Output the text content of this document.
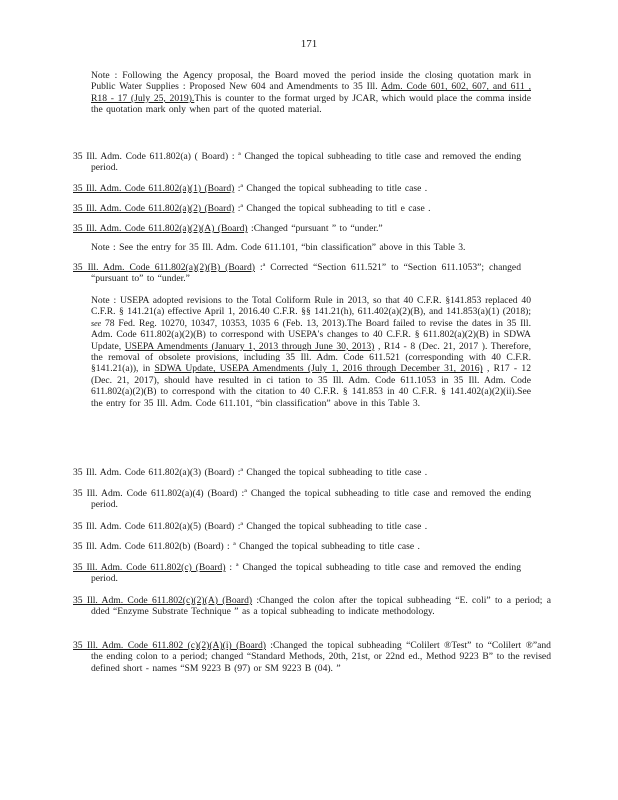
171
Note : Following the Agency proposal, the Board moved the period inside the closing quotation mark in Public Water Supplies : Proposed New 604 and Amendments to 35 Ill. Adm. Code 601, 602, 607, and 611 , R18 - 17 (July 25, 2019).This is counter to the format urged by JCAR, which would place the comma inside the quotation mark only when part of the quoted material.
35 Ill. Adm. Code 611.802(a) ( Board) : ª Changed the topical subheading to title case and removed the ending period.
35 Ill. Adm. Code 611.802(a)(1) (Board) :ª Changed the topical subheading to title case .
35 Ill. Adm. Code 611.802(a)(2) (Board) :ª Changed the topical subheading to titl e case .
35 Ill. Adm. Code 611.802(a)(2)(A) (Board) :Changed “pursuant ” to “under.”
Note : See the entry for 35 Ill. Adm. Code 611.101, “bin classification” above in this Table 3.
35 Ill. Adm. Code 611.802(a)(2)(B) (Board) :ª Corrected “Section 611.521” to “Section 611.1053”; changed “pursuant to” to “under.”
Note : USEPA adopted revisions to the Total Coliform Rule in 2013, so that 40 C.F.R. §141.853 replaced 40 C.F.R. § 141.21(a) effective April 1, 2016.40 C.F.R. §§ 141.21(h), 611.402(a)(2)(B), and 141.853(a)(1) (2018); see 78 Fed. Reg. 10270, 10347, 10353, 1035 6 (Feb. 13, 2013).The Board failed to revise the dates in 35 Ill. Adm. Code 611.802(a)(2)(B) to correspond with USEPA's changes to 40 C.F.R. § 611.802(a)(2)(B) in SDWA Update, USEPA Amendments (January 1, 2013 through June 30, 2013) , R14 - 8 (Dec. 21, 2017 ). Therefore, the removal of obsolete provisions, including 35 Ill. Adm. Code 611.521 (corresponding with 40 C.F.R. §141.21(a)), in SDWA Update, USEPA Amendments (July 1, 2016 through December 31, 2016) , R17 - 12 (Dec. 21, 2017), should have resulted in ci tation to 35 Ill. Adm. Code 611.1053 in 35 Ill. Adm. Code 611.802(a)(2)(B) to correspond with the citation to 40 C.F.R. § 141.853 in 40 C.F.R. § 141.402(a)(2)(ii).See the entry for 35 Ill. Adm. Code 611.101, “bin classification” above in this Table 3.
35 Ill. Adm. Code 611.802(a)(3) (Board) :ª Changed the topical subheading to title case .
35 Ill. Adm. Code 611.802(a)(4) (Board) :ª Changed the topical subheading to title case and removed the ending period.
35 Ill. Adm. Code 611.802(a)(5) (Board) :ª Changed the topical subheading to title case .
35 Ill. Adm. Code 611.802(b) (Board) : ª Changed the topical subheading to title case .
35 Ill. Adm. Code 611.802(c) (Board) : ª Changed the topical subheading to title case and removed the ending period.
35 Ill. Adm. Code 611.802(c)(2)(A) (Board) :Changed the colon after the topical subheading “E. coli” to a period; a dded “Enzyme Substrate Technique ” as a topical subheading to indicate methodology.
35 Ill. Adm. Code 611.802 (c)(2)(A)(i) (Board) :Changed the topical subheading “Colilert ®Test” to “Colilert ®”and the ending colon to a period; changed “Standard Methods, 20th, 21st, or 22nd ed., Method 9223 B” to the revised defined short - names “SM 9223 B (97) or SM 9223 B (04). ”
